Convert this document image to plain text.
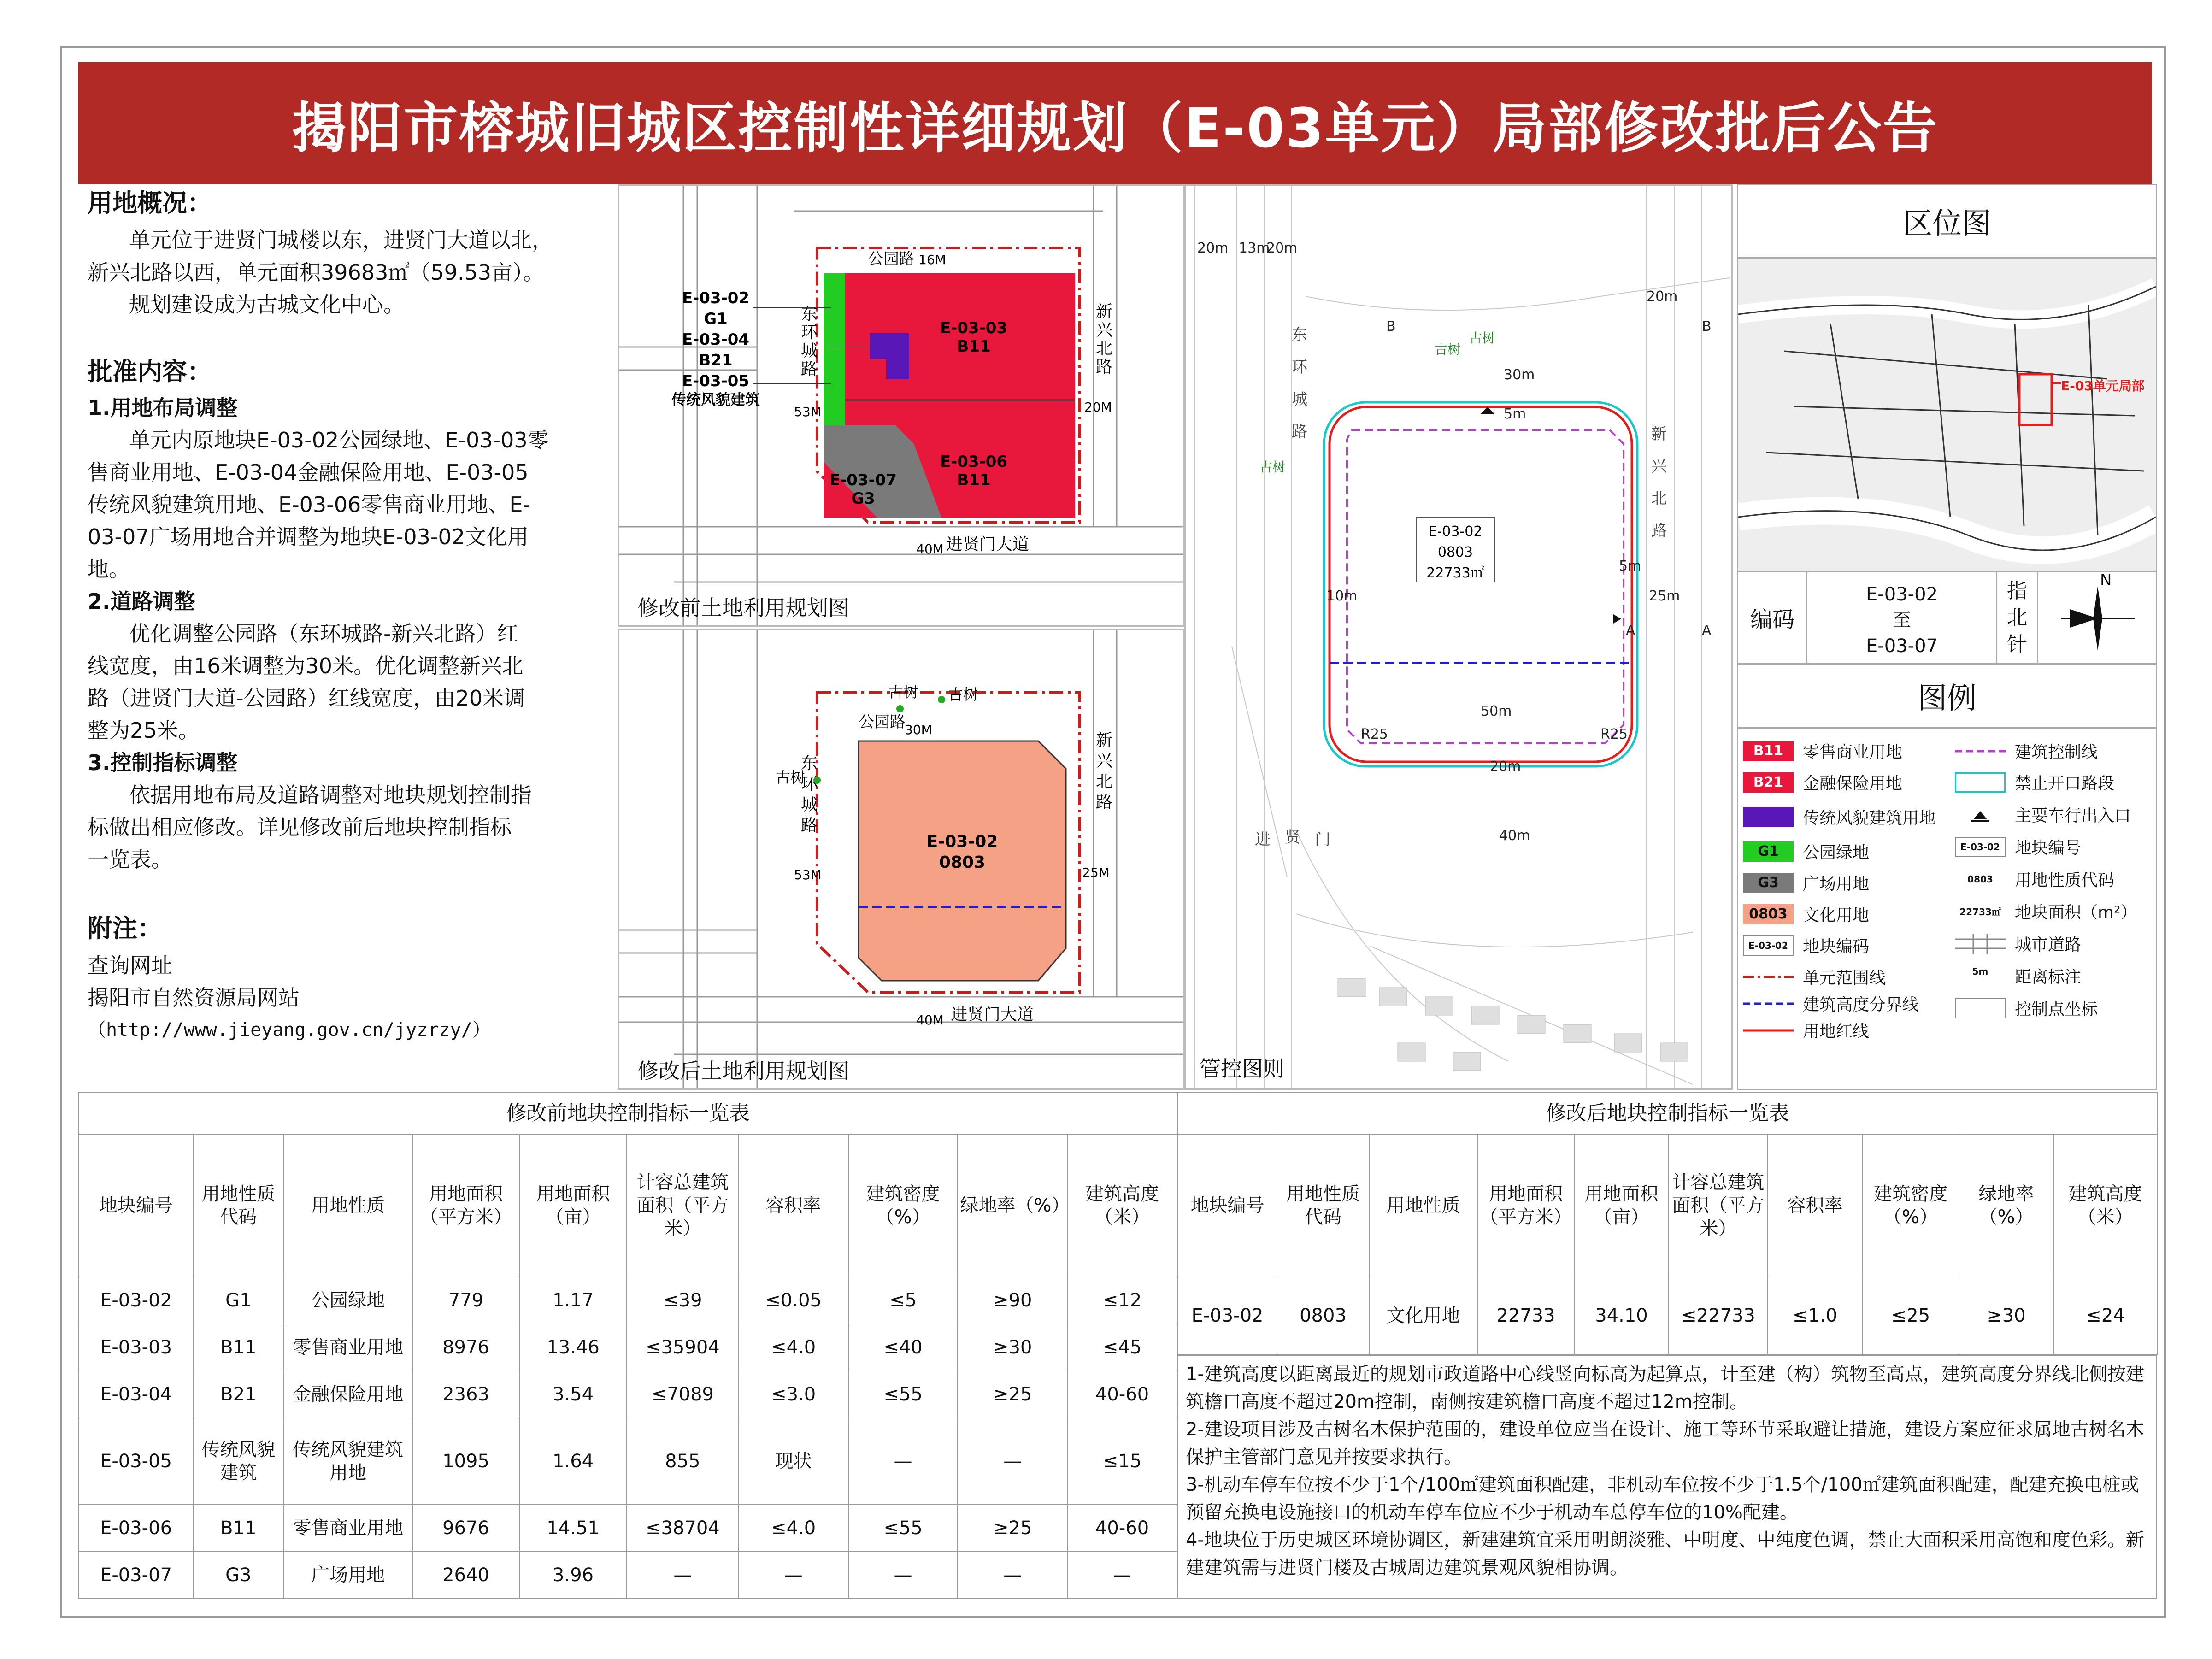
揭阳市榕城旧城区控制性详细规划（E-03单元）局部修改批后公告
用地概况：
单元位于进贤门城楼以东，进贤门大道以北，
新兴北路以西，单元面积39683㎡（59.53亩）。
规划建设成为古城文化中心。
批准内容：
1.用地布局调整
单元内原地块E-03-02公园绿地、E-03-03零
售商业用地、E-03-04金融保险用地、E-03-05
传统风貌建筑用地、E-03-06零售商业用地、E-
03-07广场用地合并调整为地块E-03-02文化用
地。
2.道路调整
优化调整公园路（东环城路-新兴北路）红
线宽度，由16米调整为30米。优化调整新兴北
路（进贤门大道-公园路）红线宽度，由20米调
整为25米。
3.控制指标调整
依据用地布局及道路调整对地块规划控制指
标做出相应修改。详见修改前后地块控制指标
一览表。
附注：
查询网址
揭阳市自然资源局网站
（http://www.jieyang.gov.cn/jyzrzy/）
公园路 16M
20M
53M
40M 进贤门大道
东
环
城
路
新
兴
北
路
E-03-02
G1
E-03-04
B21
E-03-05
传统风貌建筑
E-03-03
B11
E-03-06
B11
E-03-07
G3
修改前土地利用规划图
古树 古树
古树
公园路
30M
25M
53M
40M 进贤门大道
东
环
城
路
新
兴
北
路
E-03-02
0803
修改后土地利用规划图
20m 13m
20m
20m
30m
25m
40m
50m
20m
10m
5m
5m
R25	R25
A	A
B	B
东
环
城
路	新
兴
北
路
进 贤 门
古树
古树
古树
E-03-02
0803
22733㎡
管控图则
区位图
E-03单元局部
编码
E-03-02
至
E-03-07
指
北
针
N
图例
B11	零售商业用地
B21	金融保险用地
传统风貌建筑用地
G1	公园绿地
G3	广场用地
0803 文化用地
E-03-02 地块编码
单元范围线
建筑高度分界线
用地红线
建筑控制线
禁止开口路段
主要车行出入口
E-03-02 地块编号
0803	用地性质代码
22733㎡ 地块面积（m²）
城市道路
5m	距离标注
控制点坐标
修改前地块控制指标一览表									
地块编号	用地性质代码	用地性质	用地面积（平方米）	用地面积（亩）	计容总建筑面积（平方米）	容积率	建筑密度（%）	绿地率（%）	建筑高度（米）
E-03-02	G1	公园绿地	779	1.17	≤39	≤0.05	≤5	≥90	≤12
E-03-03	B11	零售商业用地	8976	13.46	≤35904	≤4.0	≤40	≥30	≤45
E-03-04	B21	金融保险用地	2363	3.54	≤7089	≤3.0	≤55	≥25	40-60
E-03-05	传统风貌建筑	传统风貌建筑用地	1095	1.64	855	现状	—	—	≤15
E-03-06	B11	零售商业用地	9676	14.51	≤38704	≤4.0	≤55	≥25	40-60
E-03-07	G3	广场用地	2640	3.96	—	—	—	—	—
修改后地块控制指标一览表									
地块编号	用地性质代码	用地性质	用地面积（平方米）	用地面积（亩）	计容总建筑面积（平方米）	容积率	建筑密度（%）	绿地率（%）	建筑高度（米）
E-03-02	0803	文化用地	22733	34.10	≤22733	≤1.0	≤25	≥30	≤24

1-建筑高度以距离最近的规划市政道路中心线竖向标高为起算点，计至建（构）筑物至高点，建筑高度分界线北侧按建筑檐口高度不超过20m控制，南侧按建筑檐口高度不超过12m控制。

2-建设项目涉及古树名木保护范围的，建设单位应当在设计、施工等环节采取避让措施，建设方案应征求属地古树名木保护主管部门意见并按要求执行。

3-机动车停车位按不少于1个/100㎡建筑面积配建，非机动车位按不少于1.5个/100㎡建筑面积配建，配建充换电桩或预留充换电设施接口的机动车停车位应不少于机动车总停车位的10%配建。

4-地块位于历史城区环境协调区，新建建筑宜采用明朗淡雅、中明度、中纯度色调，禁止大面积采用高饱和度色彩。新建建筑需与进贤门楼及古城周边建筑景观风貌相协调。
